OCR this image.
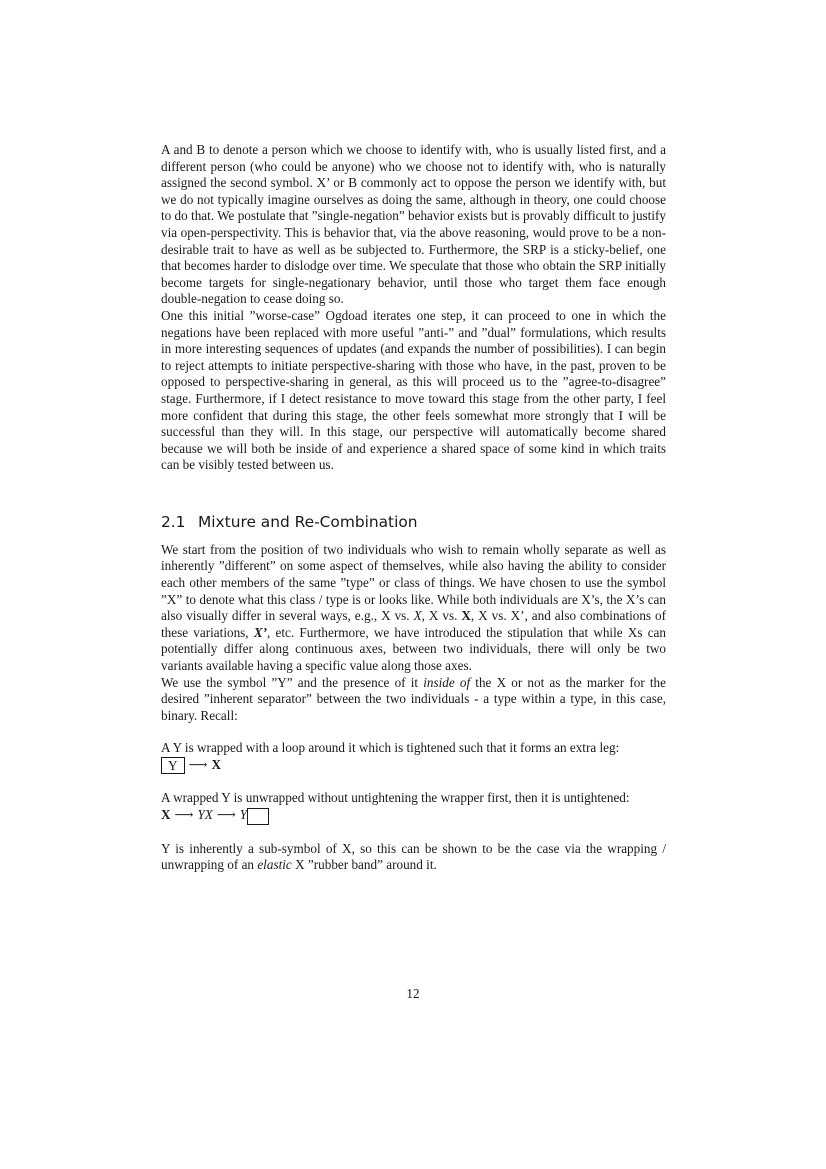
A and B to denote a person which we choose to identify with, who is usually listed first, and a different person (who could be anyone) who we choose not to identify with, who is naturally assigned the second symbol. X’ or B commonly act to oppose the person we identify with, but we do not typically imagine ourselves as doing the same, although in theory, one could choose to do that. We postulate that ”single-negation” behavior exists but is provably difficult to justify via open-perspectivity. This is behavior that, via the above reasoning, would prove to be a non-desirable trait to have as well as be subjected to. Furthermore, the SRP is a sticky-belief, one that becomes harder to dislodge over time. We speculate that those who obtain the SRP initially become targets for single-negationary behavior, until those who target them face enough double-negation to cease doing so.

One this initial ”worse-case” Ogdoad iterates one step, it can proceed to one in which the negations have been replaced with more useful ”anti-” and ”dual” formulations, which results in more interesting sequences of updates (and expands the number of possibilities). I can begin to reject attempts to initiate perspective-sharing with those who have, in the past, proven to be opposed to perspective-sharing in general, as this will proceed us to the ”agree-to-disagree” stage. Furthermore, if I detect resistance to move toward this stage from the other party, I feel more confident that during this stage, the other feels somewhat more strongly that I will be successful than they will. In this stage, our perspective will automatically become shared because we will both be inside of and experience a shared space of some kind in which traits can be visibly tested between us.

2.1 Mixture and Re-Combination

We start from the position of two individuals who wish to remain wholly separate as well as inherently ”different” on some aspect of themselves, while also having the ability to consider each other members of the same ”type” or class of things. We have chosen to use the symbol ”X” to denote what this class / type is or looks like. While both individuals are X’s, the X’s can also visually differ in several ways, e.g., X vs. X, X vs. X, X vs. X’, and also combinations of these variations, X’, etc. Furthermore, we have introduced the stipulation that while Xs can potentially differ along continuous axes, between two individuals, there will only be two variants available having a specific value along those axes.

We use the symbol ”Y” and the presence of it inside of the X or not as the marker for the desired ”inherent separator” between the two individuals - a type within a type, in this case, binary. Recall:

A Y is wrapped with a loop around it which is tightened such that it forms an extra leg:

Y ⟶ X

A wrapped Y is unwrapped without untightening the wrapper first, then it is untightened:

X ⟶ YX ⟶ Y

Y is inherently a sub-symbol of X, so this can be shown to be the case via the wrapping / unwrapping of an elastic X ”rubber band” around it.

12
